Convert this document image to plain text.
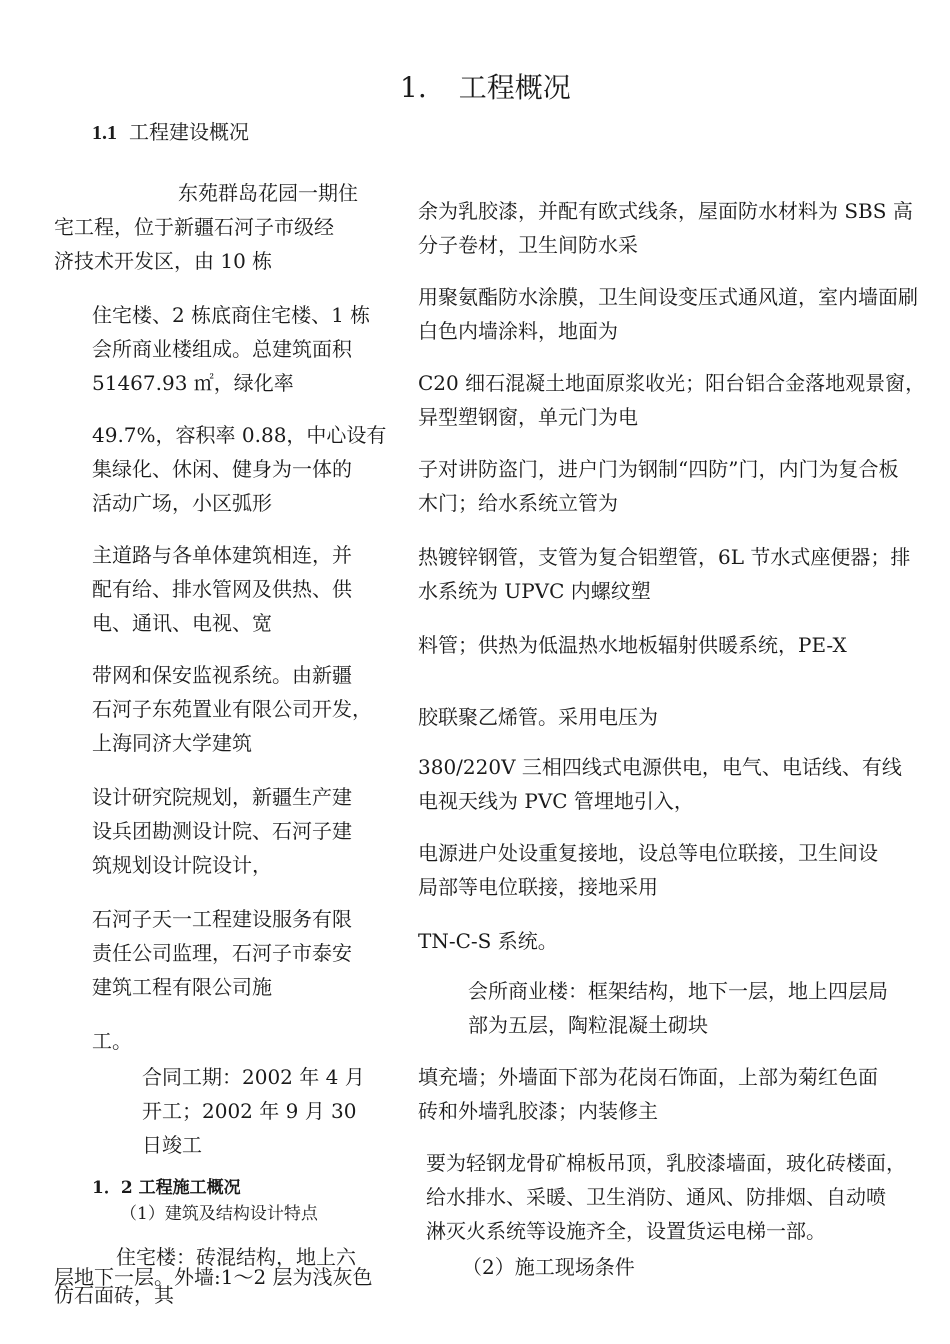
1. 工程概况
1.1 工程建设概况
东苑群岛花园一期住
宅工程，位于新疆石河子市级经
济技术开发区，由 10 栋
住宅楼、2 栋底商住宅楼、1 栋
会所商业楼组成。总建筑面积
51467.93 ㎡，绿化率
49.7%，容积率 0.88，中心设有
集绿化、休闲、健身为一体的
活动广场，小区弧形
主道路与各单体建筑相连，并
配有给、排水管网及供热、供
电、通讯、电视、宽
带网和保安监视系统。由新疆
石河子东苑置业有限公司开发，
上海同济大学建筑
设计研究院规划，新疆生产建
设兵团勘测设计院、石河子建
筑规划设计院设计，
石河子天一工程建设服务有限
责任公司监理，石河子市泰安
建筑工程有限公司施
工。
合同工期：2002 年 4 月
开工；2002 年 9 月 30
日竣工
1．2 工程施工概况
（1）建筑及结构设计特点
住宅楼：砖混结构，地上六
层地下一层。外墙:1～2 层为浅灰色
仿石面砖，其
余为乳胶漆，并配有欧式线条，屋面防水材料为 SBS 高
分子卷材，卫生间防水采
用聚氨酯防水涂膜，卫生间设变压式通风道，室内墙面刷
白色内墙涂料，地面为
C20 细石混凝土地面原浆收光；阳台铝合金落地观景窗，
异型塑钢窗，单元门为电
子对讲防盗门，进户门为钢制“四防”门，内门为复合板
木门；给水系统立管为
热镀锌钢管，支管为复合铝塑管，6L 节水式座便器；排
水系统为 UPVC 内螺纹塑
料管；供热为低温热水地板辐射供暖系统，PE-X
胶联聚乙烯管。采用电压为
380/220V 三相四线式电源供电，电气、电话线、有线
电视天线为 PVC 管埋地引入，
电源进户处设重复接地，设总等电位联接，卫生间设
局部等电位联接，接地采用
TN-C-S 系统。
会所商业楼：框架结构，地下一层，地上四层局
部为五层，陶粒混凝土砌块
填充墙；外墙面下部为花岗石饰面，上部为菊红色面
砖和外墙乳胶漆；内装修主
要为轻钢龙骨矿棉板吊顶，乳胶漆墙面，玻化砖楼面，
给水排水、采暖、卫生消防、通风、防排烟、自动喷
淋灭火系统等设施齐全，设置货运电梯一部。
（2）施工现场条件
